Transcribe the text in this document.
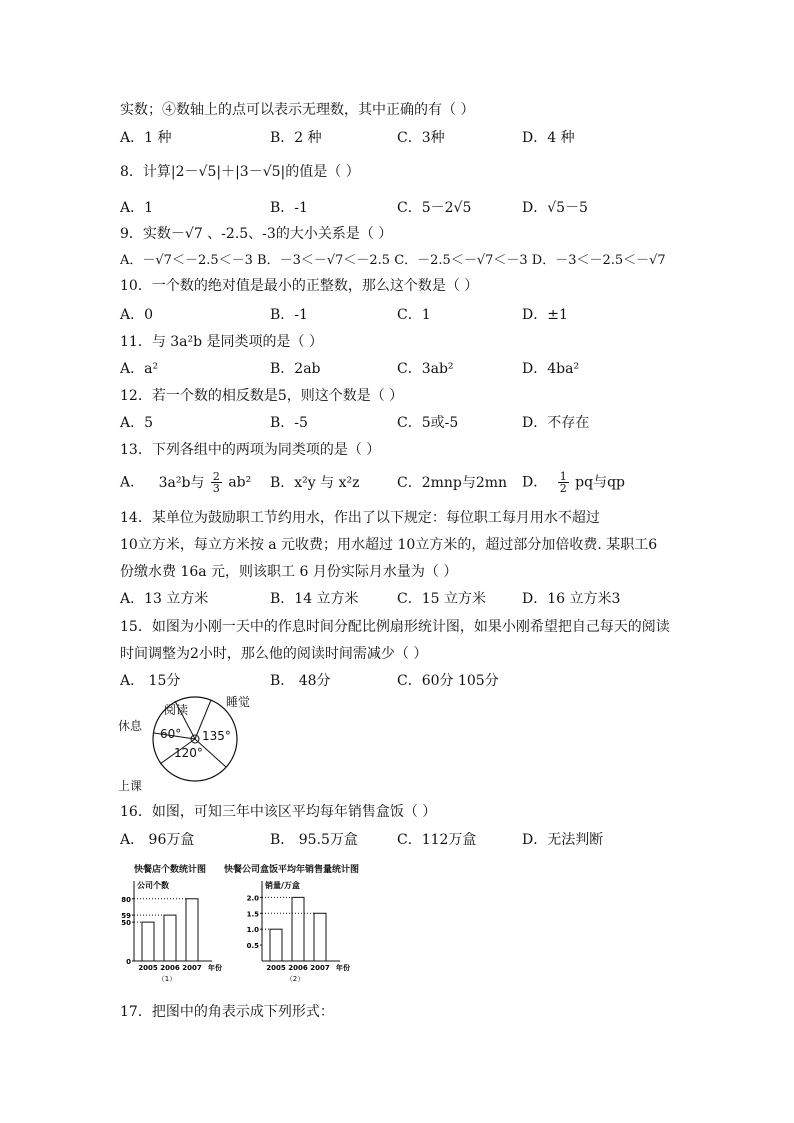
实数；④数轴上的点可以表示无理数，其中正确的有（ ）
A．1 种	B．2 种	C．3种	D．4 种
8．计算|2－√5|＋|3－√5|的值是（ ）
A．1	B．-1	C．5－2√5	D．√5－5
9．实数－√7 、-2.5、-3的大小关系是（ ）
A．－√7＜－2.5＜－3 B．－3＜－√7＜－2.5 C．－2.5＜－√7＜－3 D．－3＜－2.5＜－√7
10．一个数的绝对值是最小的正整数，那么这个数是（ ）
A．0	B．-1	C．1	D．±1
11．与 3a²b 是同类项的是（ ）
A．a²	B．2ab	C．3ab²	D．4ba²
12．若一个数的相反数是5，则这个数是（ ）
A．5	B．-5	C．5或-5	D．不存在
13．下列各组中的两项为同类项的是（ ）
A． 3a²b与 $\frac{2}{3} ab^2$ B．x²y 与 x²z	C．2mnp与2mn D． $\frac{1}{2}$ pq与qp
14．某单位为鼓励职工节约用水，作出了以下规定：每位职工每月用水不超过
10立方米，每立方米按 a 元收费；用水超过 10立方米的，超过部分加倍收费. 某职工6
份缴水费 16a 元，则该职工 6 月份实际月水量为（ ）
A．13 立方米	B．14 立方米	C．15 立方米	D．16 立方米3
15．如图为小刚一天中的作息时间分配比例扇形统计图，如果小刚希望把自己每天的阅读
时间调整为2小时，那么他的阅读时间需减少（ ）
A． 15分	B． 48分	C．60分 105分
睡觉
阅读
休息
上课
60° 135°
120°
16．如图，可知三年中该区平均每年销售盒饭（ ）
A． 96万盒	B． 95.5万盒	C．112万盒	D．无法判断
快餐店个数统计图 快餐公司盒饭平均年销售量统计图
公司个数
80
59
50
0
2005 2006 2007 年份
（1）
销量/万盒
2.0
1.5
1.0
0.5
2005 2006 2007 年份
（2）
17．把图中的角表示成下列形式：
